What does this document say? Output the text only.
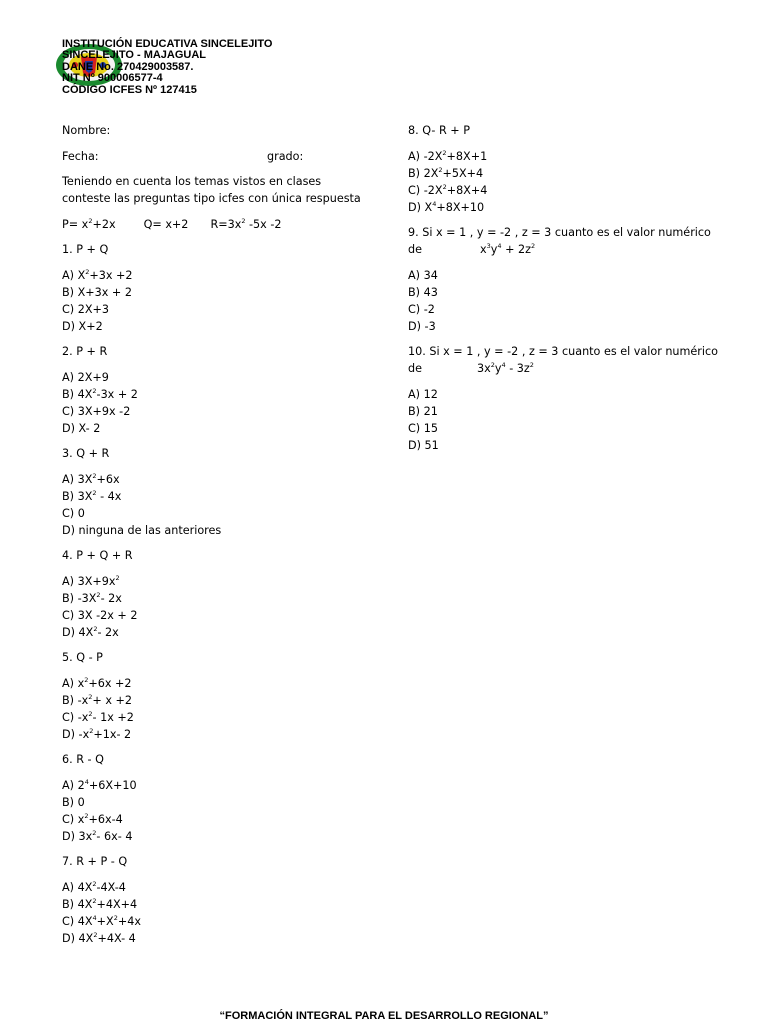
INSTITUCIÓN EDUCATIVA SINCELEJITO
SINCELEJITO - MAJAGUAL
DANE No. 270429003587.
NIT Nº 900006577-4
CÓDIGO ICFES Nº 127415
Nombre:
Fecha:	grado:
Teniendo en cuenta los temas vistos en clases
conteste las preguntas tipo icfes con única respuesta
$P= x^2+2x$	Q= x+2 $R=3x^2$ -5x -2
1. P + Q
A) $X^2+3x +2$
B) X+3x + 2
C) 2X+3
D) X+2
2. P + R
A) 2X+9
B) $4X^2-3x + 2$
C) 3X+9x -2
D) X- 2
3. Q + R
A) $3X^2+6x$
B) $3X^2 - 4x$
C) 0
D) ninguna de las anteriores
4. P + Q + R
A) $3X+9x^2$
B) $-3X^2-$ 2x
C) 3X -2x + 2
D) $4X^2-$ 2x
5. Q - P
A) $x^2+6x +2$
B) $-x^2+ x +2$
C) $-x^2-$ 1x +2
D) $-x^2+1x-$ 2
6. R - Q
A) $2^4+6X+10$
B) 0
C) $x^2+6x-4$
D) $3x^2-$ 6x- 4
7. R + P - Q
A) $4X^2-4X-4$
B) $4X^2+4X+4$
C) $4X^4+X^2+4x$
D) $4X^2+4X-$ 4
8. Q- R + P
A) $-2X^2+8X+1$
B) $2X^2+5X+4$
C) $-2X^2+8X+4$
D) $X^4+8X+10$
9. Si x = 1 , y = -2 , z = 3 cuanto es el valor numérico
de	$x^3y^4 + 2z^2$
A) 34
B) 43
C) -2
D) -3
10. Si x = 1 , y = -2 , z = 3 cuanto es el valor numérico
de	$3x^2y^4 - 3z^2$
A) 12
B) 21
C) 15
D) 51
“FORMACIÓN INTEGRAL PARA EL DESARROLLO REGIONAL”
